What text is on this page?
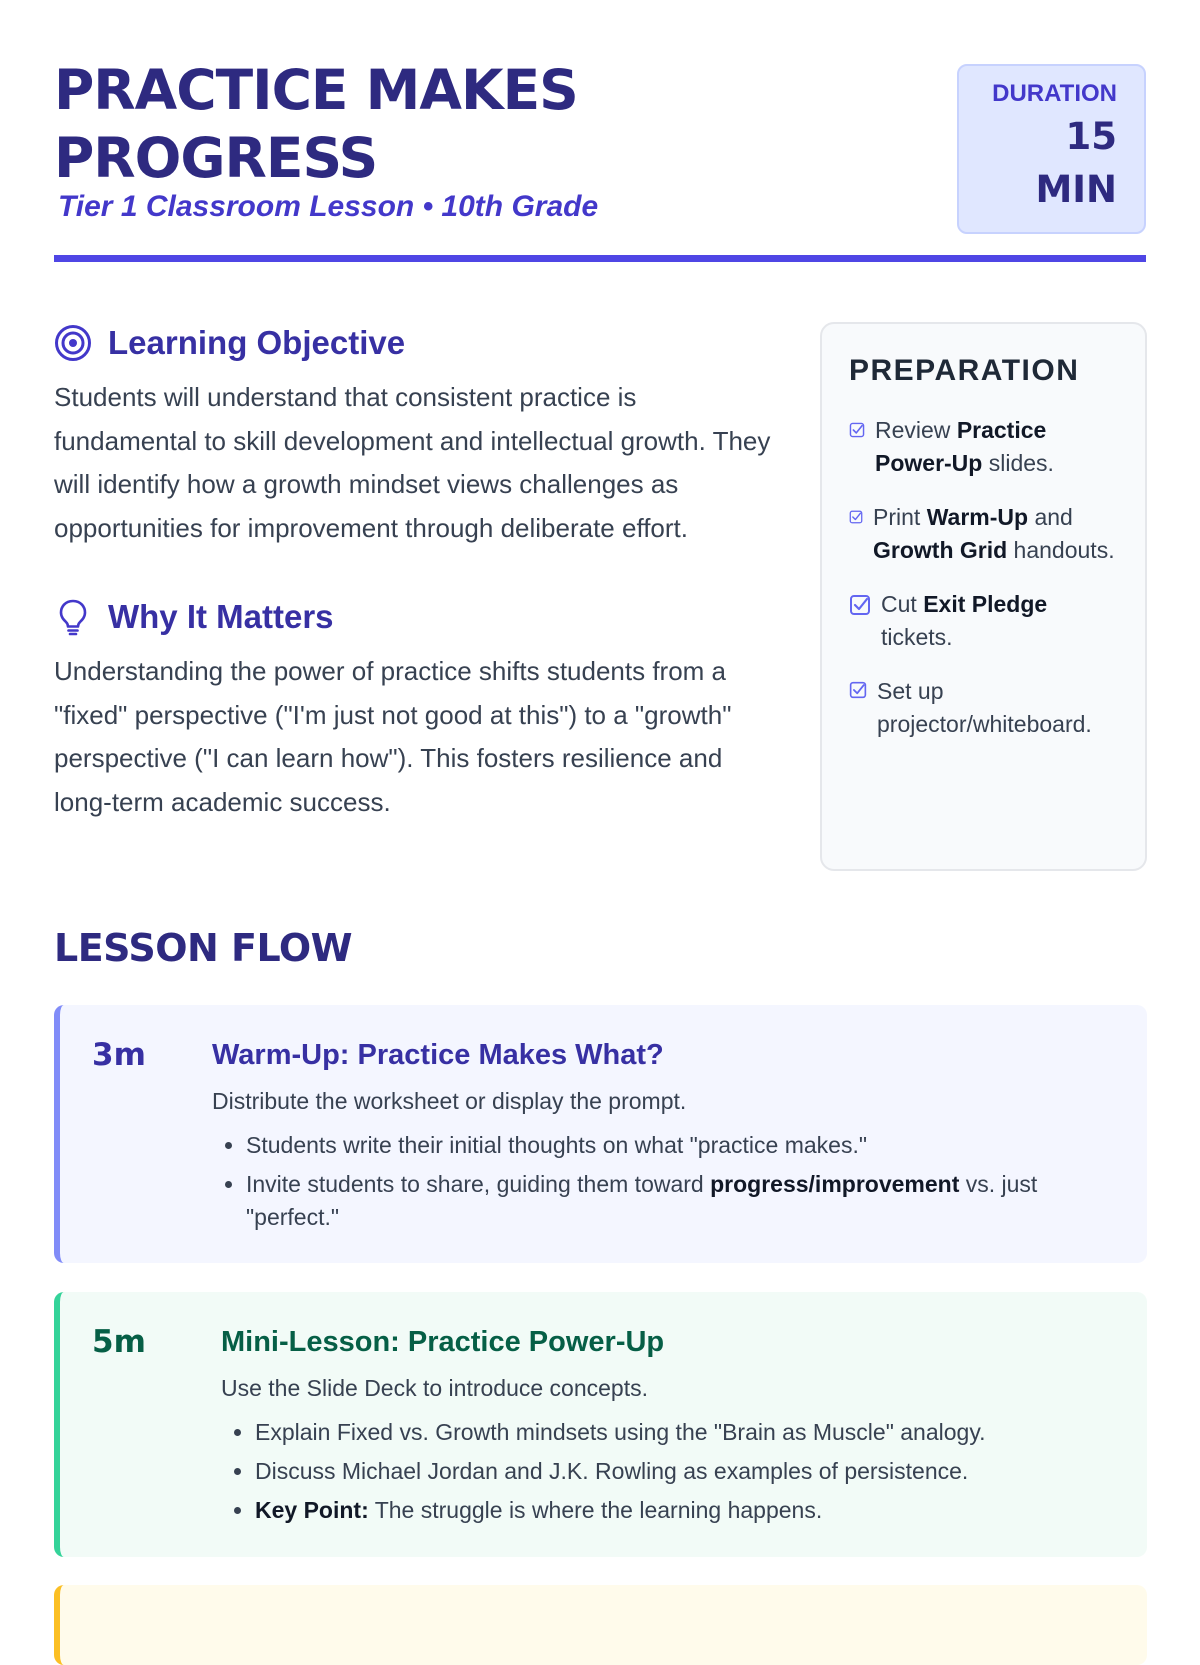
PRACTICE MAKES PROGRESS
Tier 1 Classroom Lesson • 10th Grade
DURATION
15 MIN
Learning Objective

Students will understand that consistent practice is fundamental to skill development and intellectual growth. They will identify how a growth mindset views challenges as opportunities for improvement through deliberate effort.

Why It Matters

Understanding the power of practice shifts students from a "fixed" perspective ("I'm just not good at this") to a "growth" perspective ("I can learn how"). This fosters resilience and long-term academic success.

PREPARATION
Review Practice Power-Up slides.
Print Warm-Up and Growth Grid handouts.
Cut Exit Pledge tickets.
Set up projector/whiteboard.
LESSON FLOW
3m Warm-Up: Practice Makes What?
Distribute the worksheet or display the prompt.
• Students write their initial thoughts on what "practice makes."
• Invite students to share, guiding them toward progress/improvement vs. just "perfect."
5m	Mini-Lesson: Practice Power-Up
Use the Slide Deck to introduce concepts.
• Explain Fixed vs. Growth mindsets using the "Brain as Muscle" analogy.
• Discuss Michael Jordan and J.K. Rowling as examples of persistence.
• Key Point: The struggle is where the learning happens.
